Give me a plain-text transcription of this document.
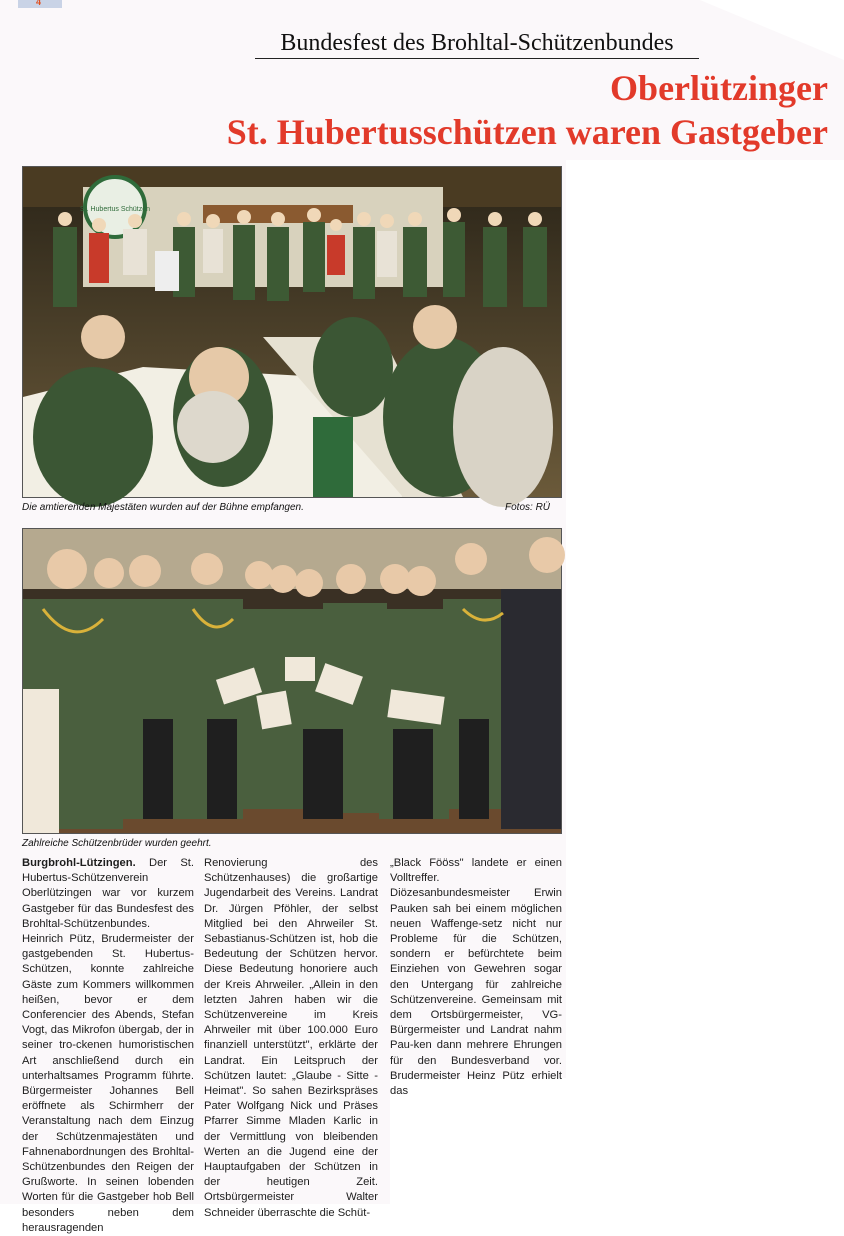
4
Bundesfest des Brohltal-Schützenbundes
Oberlützinger
St. Hubertusschützen waren Gastgeber
St. Hubertus Schützen
Die amtierenden Majestäten wurden auf der Bühne empfangen.	Fotos: RÜ
Zahlreiche Schützenbrüder wurden geehrt.
Burgbrohl-Lützingen. Der St. Hubertus-Schützenverein Oberlützingen war vor kurzem Gastgeber für das Bundesfest des Brohltal-Schützenbundes. Heinrich Pütz, Brudermeister der gastgebenden St. Hubertus-Schützen, konnte zahlreiche Gäste zum Kommers willkommen heißen, bevor er dem Conferencier des Abends, Stefan Vogt, das Mikrofon übergab, der in seiner tro-ckenen humoristischen Art anschließend durch ein unterhaltsames Programm führte. Bürgermeister Johannes Bell eröffnete als Schirmherr der Veranstaltung nach dem Einzug der Schützenmajestäten und Fahnenabordnungen des Brohltal-Schützenbundes den Reigen der Grußworte. In seinen lobenden Worten für die Gastgeber hob Bell besonders neben dem herausragenden
Renovierung des Schützenhauses) die großartige Jugendarbeit des Vereins. Landrat Dr. Jürgen Pföhler, der selbst Mitglied bei den Ahrweiler St. Sebastianus-Schützen ist, hob die Bedeutung der Schützen hervor. Diese Bedeutung honoriere auch der Kreis Ahrweiler. „Allein in den letzten Jahren haben wir die Schützenvereine im Kreis Ahrweiler mit über 100.000 Euro finanziell unterstützt", erklärte der Landrat. Ein Leitspruch der Schützen lautet: „Glaube - Sitte - Heimat". So sahen Bezirkspräses Pater Wolfgang Nick und Präses Pfarrer Simme Mladen Karlic in der Vermittlung von bleibenden Werten an die Jugend eine der Hauptaufgaben der Schützen in der heutigen Zeit. Ortsbürgermeister Walter Schneider überraschte die Schüt-
„Black Fööss" landete er einen Volltreffer. Diözesanbundesmeister Erwin Pauken sah bei einem möglichen neuen Waffenge-setz nicht nur Probleme für die Schützen, sondern er befürchtete beim Einziehen von Gewehren sogar den Untergang für zahlreiche Schützenvereine. Gemeinsam mit dem Ortsbürgermeister, VG-Bürgermeister und Landrat nahm Pau-ken dann mehrere Ehrungen für den Bundesverband vor. Brudermeister Heinz Pütz erhielt das
